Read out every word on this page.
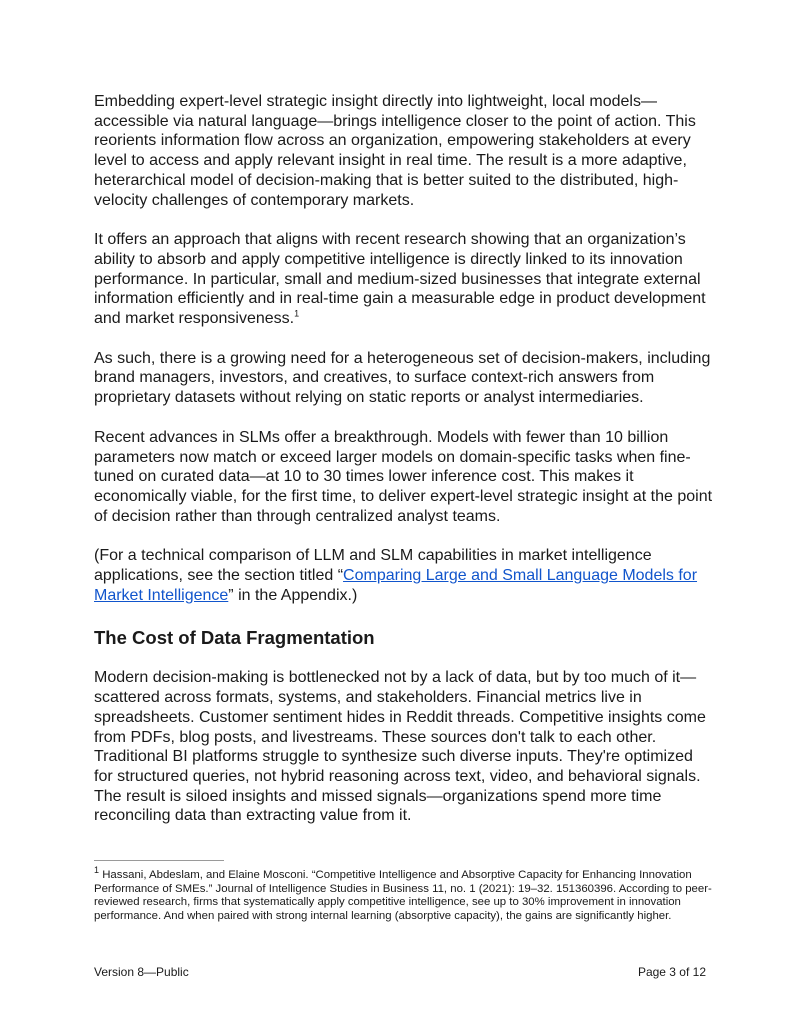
Embedding expert-level strategic insight directly into lightweight, local models—accessible via natural language—brings intelligence closer to the point of action. This reorients information flow across an organization, empowering stakeholders at every level to access and apply relevant insight in real time. The result is a more adaptive, heterarchical model of decision-making that is better suited to the distributed, high-velocity challenges of contemporary markets.

It offers an approach that aligns with recent research showing that an organization’s ability to absorb and apply competitive intelligence is directly linked to its innovation performance. In particular, small and medium-sized businesses that integrate external information efficiently and in real-time gain a measurable edge in product development and market responsiveness.$^1$

As such, there is a growing need for a heterogeneous set of decision-makers, including brand managers, investors, and creatives, to surface context-rich answers from proprietary datasets without relying on static reports or analyst intermediaries.

Recent advances in SLMs offer a breakthrough. Models with fewer than 10 billion parameters now match or exceed larger models on domain-specific tasks when fine-tuned on curated data—at 10 to 30 times lower inference cost. This makes it economically viable, for the first time, to deliver expert-level strategic insight at the point of decision rather than through centralized analyst teams.

(For a technical comparison of LLM and SLM capabilities in market intelligence applications, see the section titled “Comparing Large and Small Language Models for Market Intelligence” in the Appendix.)

The Cost of Data Fragmentation

Modern decision-making is bottlenecked not by a lack of data, but by too much of it—scattered across formats, systems, and stakeholders. Financial metrics live in spreadsheets. Customer sentiment hides in Reddit threads. Competitive insights come from PDFs, blog posts, and livestreams. These sources don't talk to each other.

Traditional BI platforms struggle to synthesize such diverse inputs. They're optimized for structured queries, not hybrid reasoning across text, video, and behavioral signals. The result is siloed insights and missed signals—organizations spend more time reconciling data than extracting value from it.

$^1$ Hassani, Abdeslam, and Elaine Mosconi. “Competitive Intelligence and Absorptive Capacity for Enhancing Innovation Performance of SMEs.” Journal of Intelligence Studies in Business 11, no. 1 (2021): 19–32. 151360396. According to peer-reviewed research, firms that systematically apply competitive intelligence, see up to 30% improvement in innovation performance. And when paired with strong internal learning (absorptive capacity), the gains are significantly higher.

Version 8—Public	Page 3 of 12
